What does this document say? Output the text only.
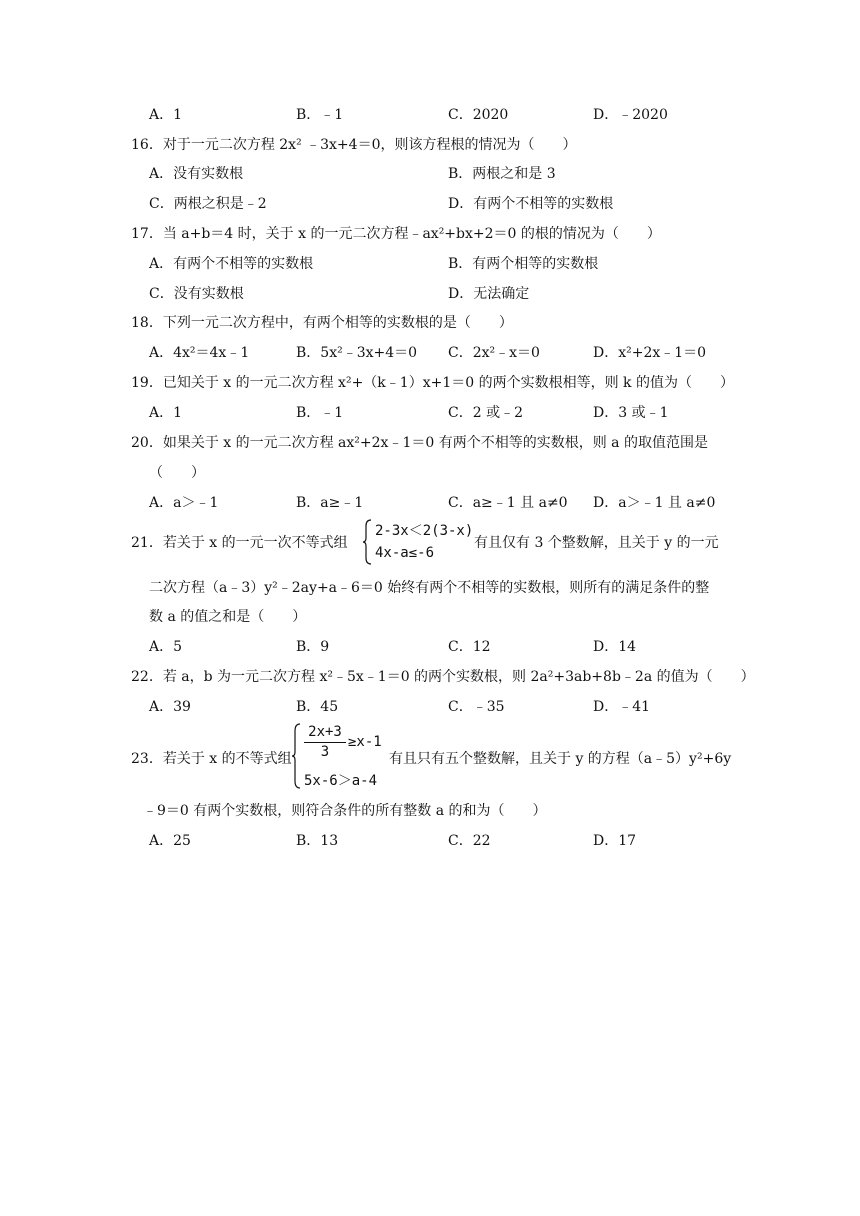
A．1	B．﹣1	C．2020	D．﹣2020
16．对于一元二次方程 2x² ﹣3x+4＝0，则该方程根的情况为（　　）
A．没有实数根	B．两根之和是 3
C．两根之积是﹣2	D．有两个不相等的实数根
17．当 a+b＝4 时，关于 x 的一元二次方程﹣ax²+bx+2＝0 的根的情况为（　　）
A．有两个不相等的实数根	B．有两个相等的实数根
C．没有实数根	D．无法确定
18．下列一元二次方程中，有两个相等的实数根的是（　　）
A．4x²＝4x﹣1	B．5x²﹣3x+4＝0 C．2x²﹣x＝0	D．x²+2x﹣1＝0
19．已知关于 x 的一元二次方程 x²+（k﹣1）x+1＝0 的两个实数根相等，则 k 的值为（　　）
A．1	B．﹣1	C．2 或﹣2	D．3 或﹣1
20．如果关于 x 的一元二次方程 ax²+2x﹣1＝0 有两个不相等的实数根，则 a 的取值范围是
（　　）
A．a＞﹣1	B．a≥﹣1	C．a≥﹣1 且 a≠0 D．a＞﹣1 且 a≠0
21．若关于 x 的一元一次不等式组
2-3x＜2(3-x)
4x-a≤-6
有且仅有 3 个整数解，且关于 y 的一元
二次方程（a﹣3）y²﹣2ay+a﹣6＝0 始终有两个不相等的实数根，则所有的满足条件的整
数 a 的值之和是（　　）
A．5	B．9	C．12	D．14
22．若 a，b 为一元二次方程 x²﹣5x﹣1＝0 的两个实数根，则 2a²+3ab+8b﹣2a 的值为（　　）
A．39	B．45	C．﹣35	D．﹣41
23．若关于 x 的不等式组
2x+3
3
≥x-1
5x-6＞a-4
有且只有五个整数解，且关于 y 的方程（a﹣5）y²+6y
﹣9＝0 有两个实数根，则符合条件的所有整数 a 的和为（　　）
A．25	B．13	C．22	D．17
